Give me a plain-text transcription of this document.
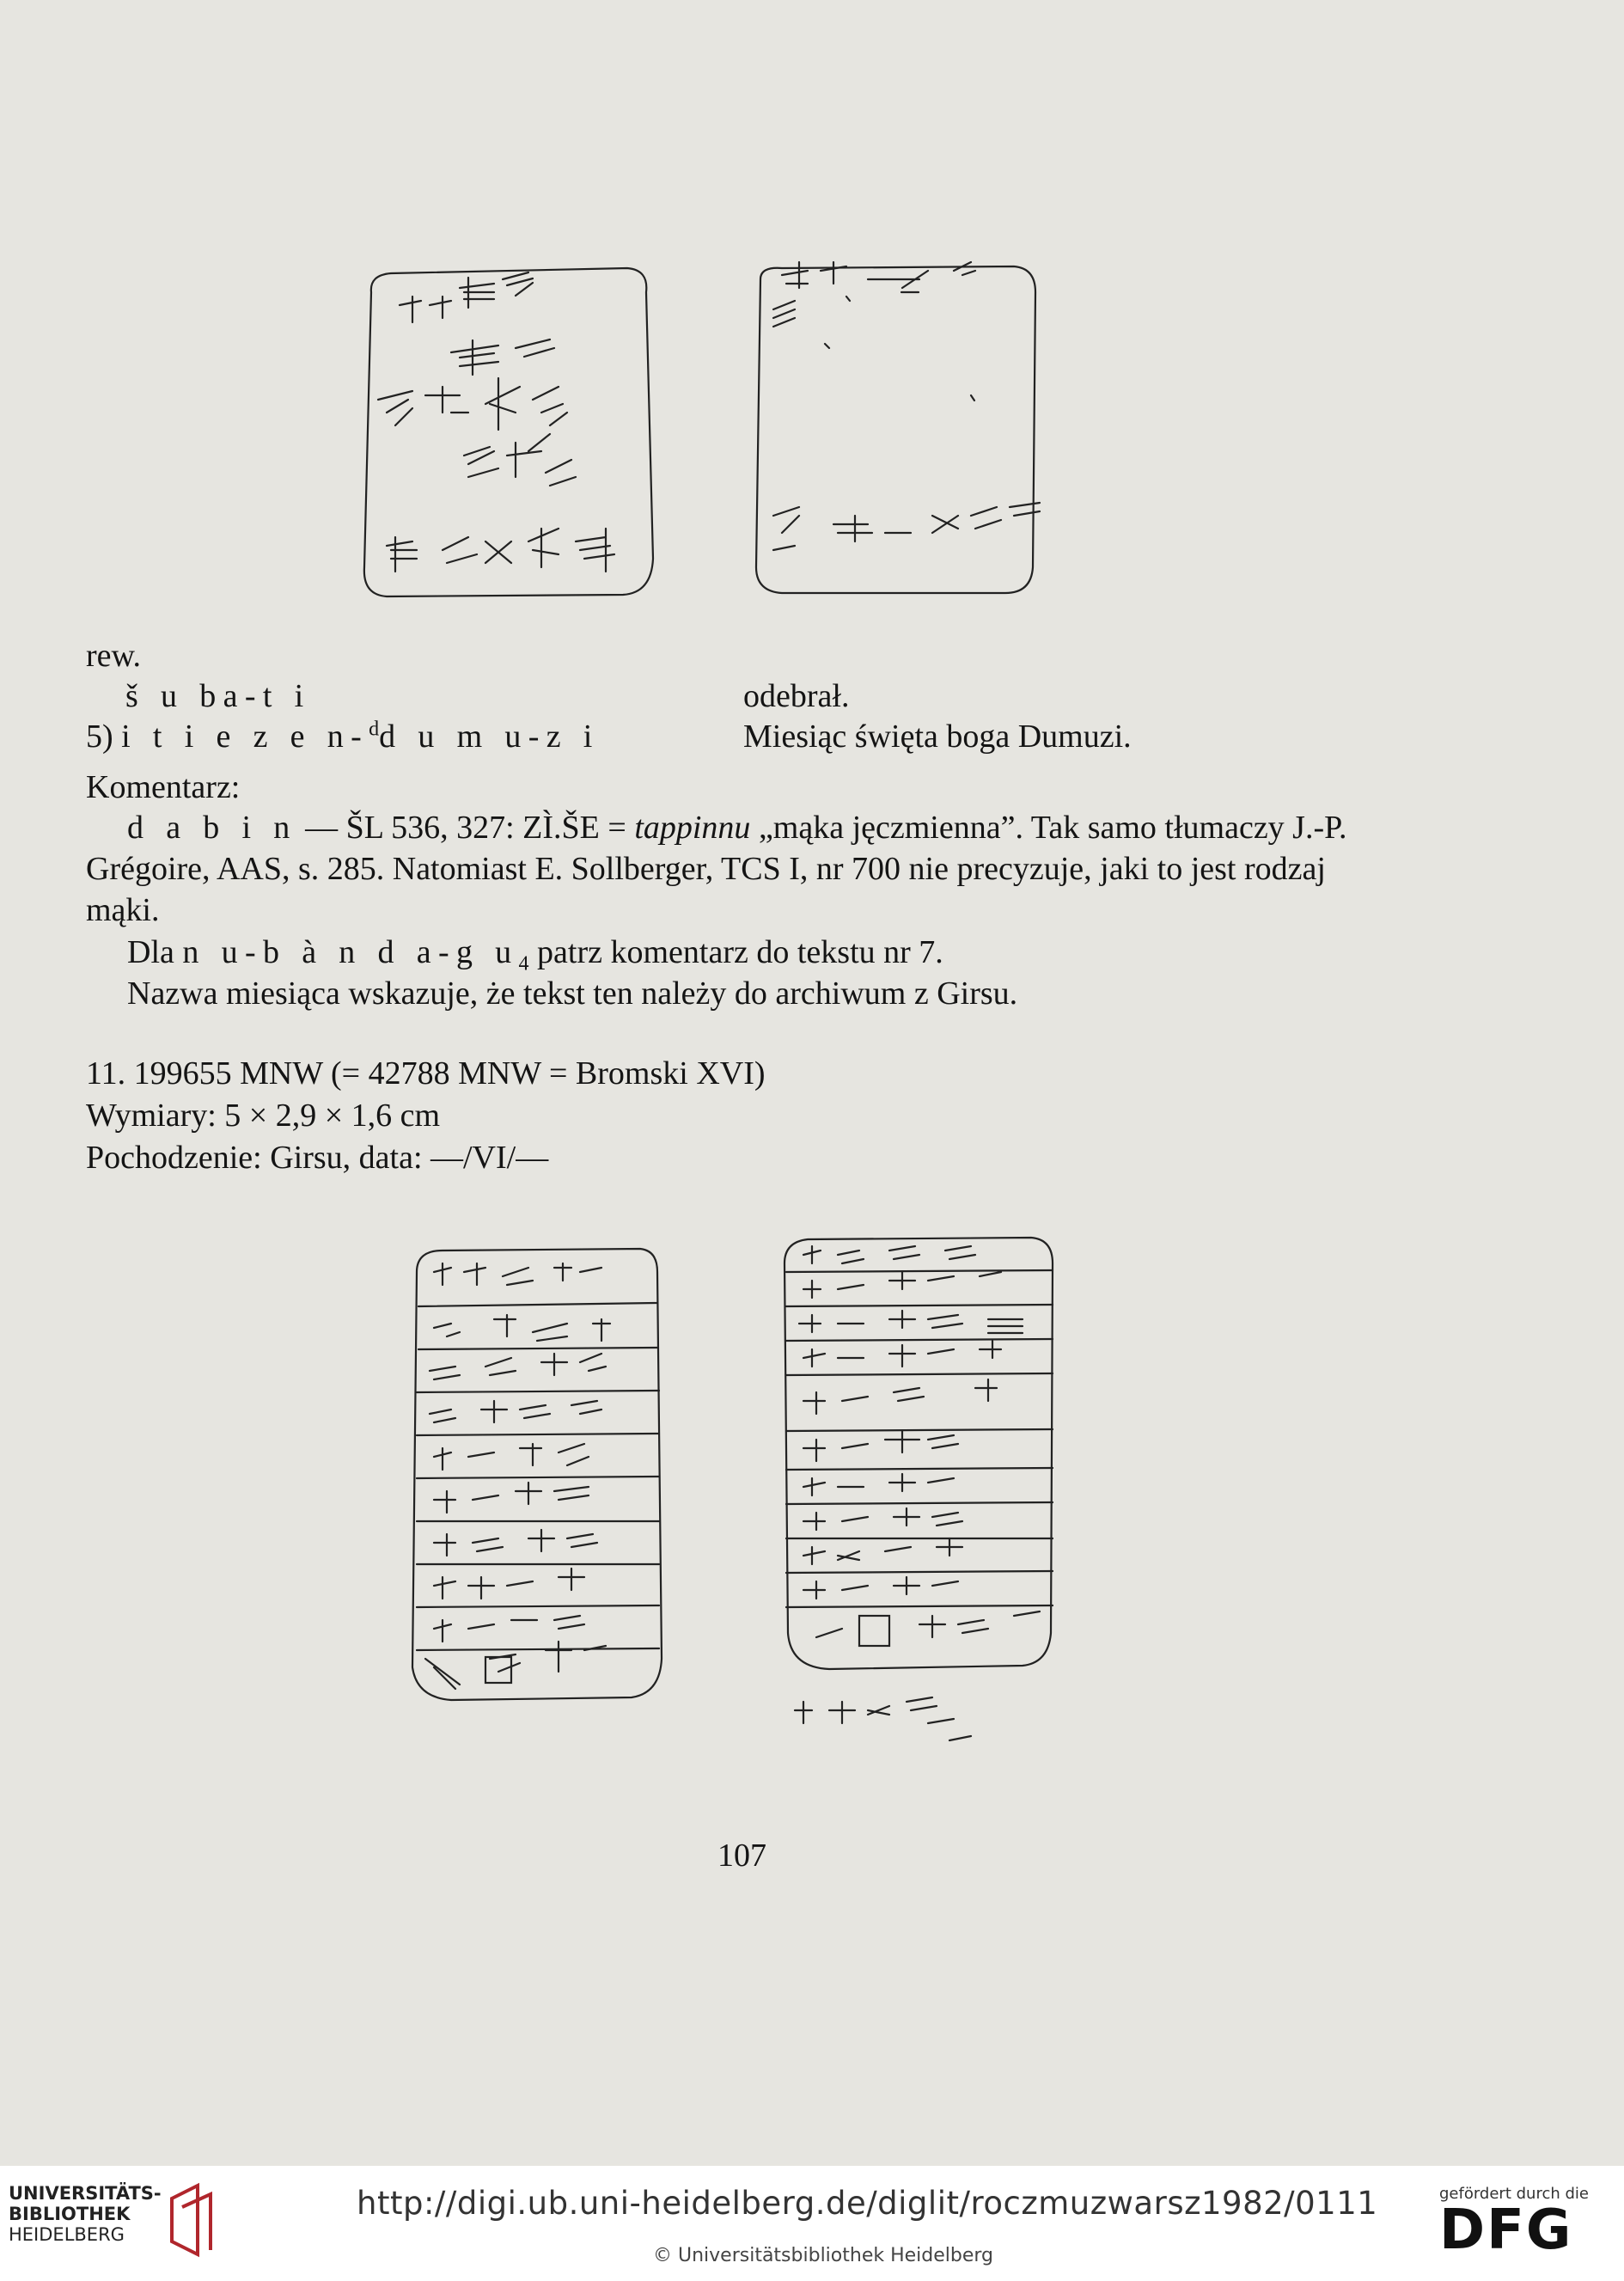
rew.
š u ba-t i	odebrał.
5) i t i e z e n-$^d$d u m u-z i	Miesiąc święta boga Dumuzi.
Komentarz:
d a b i n — ŠL 536, 327: ZÌ.ŠE = tappinnu „mąka jęczmienna”. Tak samo tłumaczy J.-P.
Grégoire, AAS, s. 285. Natomiast E. Sollberger, TCS I, nr 700 nie precyzuje, jaki to jest rodzaj
mąki.
Dla n u-b à n d a-g $u_4$ patrz komentarz do tekstu nr 7.
Nazwa miesiąca wskazuje, że tekst ten należy do archiwum z Girsu.
11. 199655 MNW (= 42788 MNW = Bromski XVI)
Wymiary: 5 × 2,9 × 1,6 cm
Pochodzenie: Girsu, data: —/VI/—
107
UNIVERSITÄTS-
BIBLIOTHEK
HEIDELBERG
http://digi.ub.uni-heidelberg.de/diglit/roczmuzwarsz1982/0111
© Universitätsbibliothek Heidelberg
gefördert durch die
DFG
